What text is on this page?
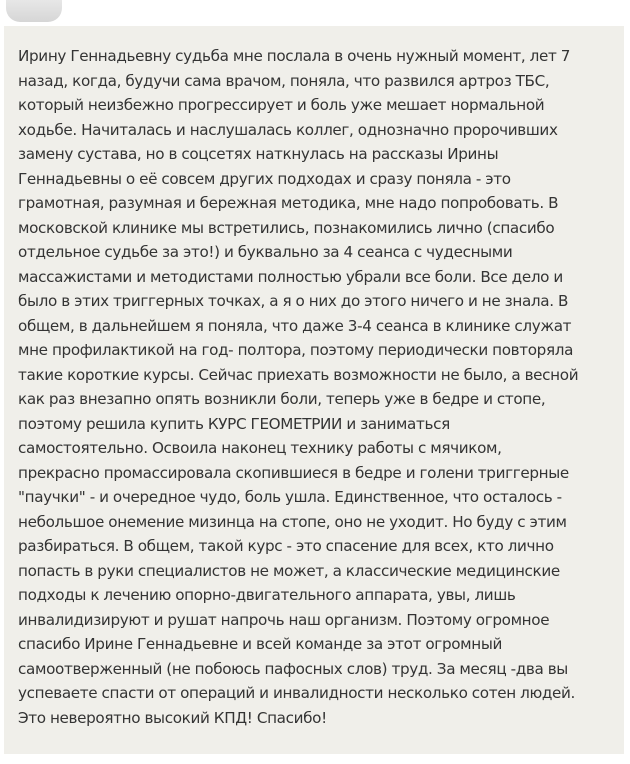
Ирину Геннадьевну судьба мне послала в очень нужный момент, лет 7
назад, когда, будучи сама врачом, поняла, что развился артроз ТБС,
который неизбежно прогрессирует и боль уже мешает нормальной
ходьбе. Начиталась и наслушалась коллег, однозначно пророчивших
замену сустава, но в соцсетях наткнулась на рассказы Ирины
Геннадьевны о её совсем других подходах и сразу поняла - это
грамотная, разумная и бережная методика, мне надо попробовать. В
московской клинике мы встретились, познакомились лично (спасибо
отдельное судьбе за это!) и буквально за 4 сеанса с чудесными
массажистами и методистами полностью убрали все боли. Все дело и
было в этих триггерных точках, а я о них до этого ничего и не знала. В
общем, в дальнейшем я поняла, что даже 3-4 сеанса в клинике служат
мне профилактикой на год- полтора, поэтому периодически повторяла
такие короткие курсы. Сейчас приехать возможности не было, а весной
как раз внезапно опять возникли боли, теперь уже в бедре и стопе,
поэтому решила купить КУРС ГЕОМЕТРИИ и заниматься
самостоятельно. Освоила наконец технику работы с мячиком,
прекрасно промассировала скопившиеся в бедре и голени триггерные
"паучки" - и очередное чудо, боль ушла. Единственное, что осталось -
небольшое онемение мизинца на стопе, оно не уходит. Но буду с этим
разбираться. В общем, такой курс - это спасение для всех, кто лично
попасть в руки специалистов не может, а классические медицинские
подходы к лечению опорно-двигательного аппарата, увы, лишь
инвалидизируют и рушат напрочь наш организм. Поэтому огромное
спасибо Ирине Геннадьевне и всей команде за этот огромный
самоотверженный (не побоюсь пафосных слов) труд. За месяц -два вы
успеваете спасти от операций и инвалидности несколько сотен людей.
Это невероятно высокий КПД! Спасибо!
